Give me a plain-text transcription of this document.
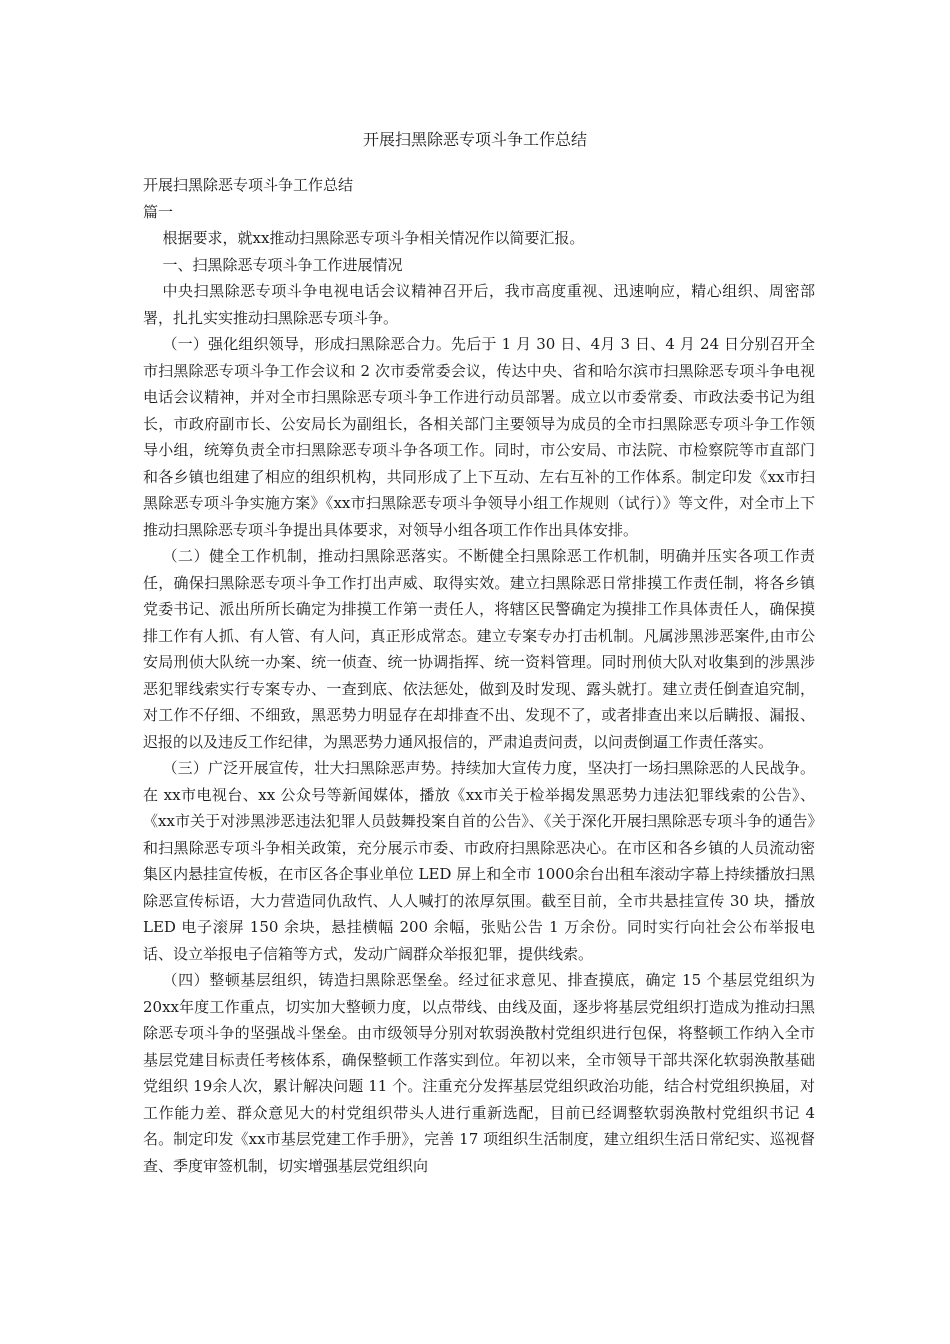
开展扫黑除恶专项斗争工作总结

开展扫黑除恶专项斗争工作总结

篇一

根据要求，就xx推动扫黑除恶专项斗争相关情况作以简要汇报。

一、扫黑除恶专项斗争工作进展情况

中央扫黑除恶专项斗争电视电话会议精神召开后，我市高度重视、迅速响应，精心组织、周密部署，扎扎实实推动扫黑除恶专项斗争。

（一）强化组织领导，形成扫黑除恶合力。先后于 1 月 30 日、4月 3 日、4 月 24 日分别召开全市扫黑除恶专项斗争工作会议和 2 次市委常委会议，传达中央、省和哈尔滨市扫黑除恶专项斗争电视电话会议精神，并对全市扫黑除恶专项斗争工作进行动员部署。成立以市委常委、市政法委书记为组长，市政府副市长、公安局长为副组长，各相关部门主要领导为成员的全市扫黑除恶专项斗争工作领导小组，统筹负责全市扫黑除恶专项斗争各项工作。同时，市公安局、市法院、市检察院等市直部门和各乡镇也组建了相应的组织机构，共同形成了上下互动、左右互补的工作体系。制定印发《xx市扫黑除恶专项斗争实施方案》《xx市扫黑除恶专项斗争领导小组工作规则（试行）》等文件，对全市上下推动扫黑除恶专项斗争提出具体要求，对领导小组各项工作作出具体安排。

（二）健全工作机制，推动扫黑除恶落实。不断健全扫黑除恶工作机制，明确并压实各项工作责任，确保扫黑除恶专项斗争工作打出声威、取得实效。建立扫黑除恶日常排摸工作责任制，将各乡镇党委书记、派出所所长确定为排摸工作第一责任人，将辖区民警确定为摸排工作具体责任人，确保摸排工作有人抓、有人管、有人问，真正形成常态。建立专案专办打击机制。凡属涉黑涉恶案件,由市公安局刑侦大队统一办案、统一侦查、统一协调指挥、统一资料管理。同时刑侦大队对收集到的涉黑涉恶犯罪线索实行专案专办、一查到底、依法惩处，做到及时发现、露头就打。建立责任倒查追究制，对工作不仔细、不细致，黑恶势力明显存在却排查不出、发现不了，或者排查出来以后瞒报、漏报、迟报的以及违反工作纪律，为黑恶势力通风报信的，严肃追责问责，以问责倒逼工作责任落实。

（三）广泛开展宣传，壮大扫黑除恶声势。持续加大宣传力度，坚决打一场扫黑除恶的人民战争。在 xx市电视台、xx 公众号等新闻媒体，播放《xx市关于检举揭发黑恶势力违法犯罪线索的公告》、《xx市关于对涉黑涉恶违法犯罪人员鼓舞投案自首的公告》、《关于深化开展扫黑除恶专项斗争的通告》和扫黑除恶专项斗争相关政策，充分展示市委、市政府扫黑除恶决心。在市区和各乡镇的人员流动密集区内悬挂宣传板，在市区各企事业单位 LED 屏上和全市 1000余台出租车滚动字幕上持续播放扫黑除恶宣传标语，大力营造同仇敌忾、人人喊打的浓厚氛围。截至目前，全市共悬挂宣传 30 块，播放 LED 电子滚屏 150 余块，悬挂横幅 200 余幅，张贴公告 1 万余份。同时实行向社会公布举报电话、设立举报电子信箱等方式，发动广阔群众举报犯罪，提供线索。

（四）整顿基层组织，铸造扫黑除恶堡垒。经过征求意见、排查摸底，确定 15 个基层党组织为 20xx年度工作重点，切实加大整顿力度，以点带线、由线及面，逐步将基层党组织打造成为推动扫黑除恶专项斗争的坚强战斗堡垒。由市级领导分别对软弱涣散村党组织进行包保，将整顿工作纳入全市基层党建目标责任考核体系，确保整顿工作落实到位。年初以来，全市领导干部共深化软弱涣散基础党组织 19余人次，累计解决问题 11 个。注重充分发挥基层党组织政治功能，结合村党组织换届，对工作能力差、群众意见大的村党组织带头人进行重新选配，目前已经调整软弱涣散村党组织书记 4 名。制定印发《xx市基层党建工作手册》，完善 17 项组织生活制度，建立组织生活日常纪实、巡视督查、季度审签机制，切实增强基层党组织向
